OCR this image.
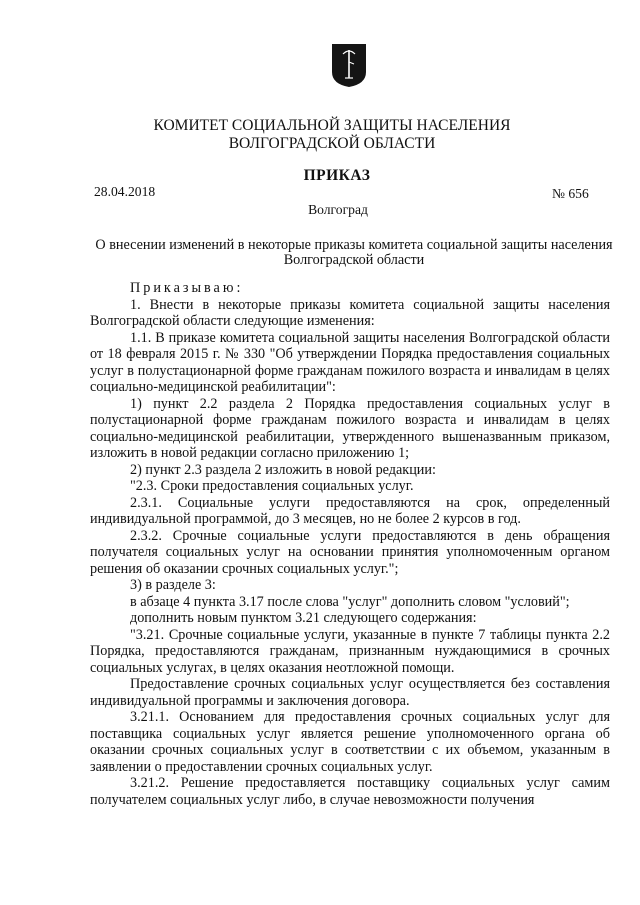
КОМИТЕТ СОЦИАЛЬНОЙ ЗАЩИТЫ НАСЕЛЕНИЯ
ВОЛГОГРАДСКОЙ ОБЛАСТИ
ПРИКАЗ
28.04.2018	№ 656
Волгоград
О внесении изменений в некоторые приказы комитета социальной защиты населения Волгоградской области

Приказываю:

1. Внести в некоторые приказы комитета социальной защиты населения Волгоградской области следующие изменения:

1.1. В приказе комитета социальной защиты населения Волгоградской области от 18 февраля 2015 г. № 330 "Об утверждении Порядка предоставления социальных услуг в полустационарной форме гражданам пожилого возраста и инвалидам в целях социально-медицинской реабилитации":

1) пункт 2.2 раздела 2 Порядка предоставления социальных услуг в полустационарной форме гражданам пожилого возраста и инвалидам в целях социально-медицинской реабилитации, утвержденного вышеназванным приказом, изложить в новой редакции согласно приложению 1;

2) пункт 2.3 раздела 2 изложить в новой редакции:

"2.3. Сроки предоставления социальных услуг.

2.3.1. Социальные услуги предоставляются на срок, определенный индивидуальной программой, до 3 месяцев, но не более 2 курсов в год.

2.3.2. Срочные социальные услуги предоставляются в день обращения получателя социальных услуг на основании принятия уполномоченным органом решения об оказании срочных социальных услуг.";

3) в разделе 3:

в абзаце 4 пункта 3.17 после слова "услуг" дополнить словом "условий";

дополнить новым пунктом 3.21 следующего содержания:

"3.21. Срочные социальные услуги, указанные в пункте 7 таблицы пункта 2.2 Порядка, предоставляются гражданам, признанным нуждающимися в срочных социальных услугах, в целях оказания неотложной помощи.

Предоставление срочных социальных услуг осуществляется без составления индивидуальной программы и заключения договора.

3.21.1. Основанием для предоставления срочных социальных услуг для поставщика социальных услуг является решение уполномоченного органа об оказании срочных социальных услуг в соответствии с их объемом, указанным в заявлении о предоставлении срочных социальных услуг.

3.21.2. Решение предоставляется поставщику социальных услуг самим получателем социальных услуг либо, в случае невозможности получения
